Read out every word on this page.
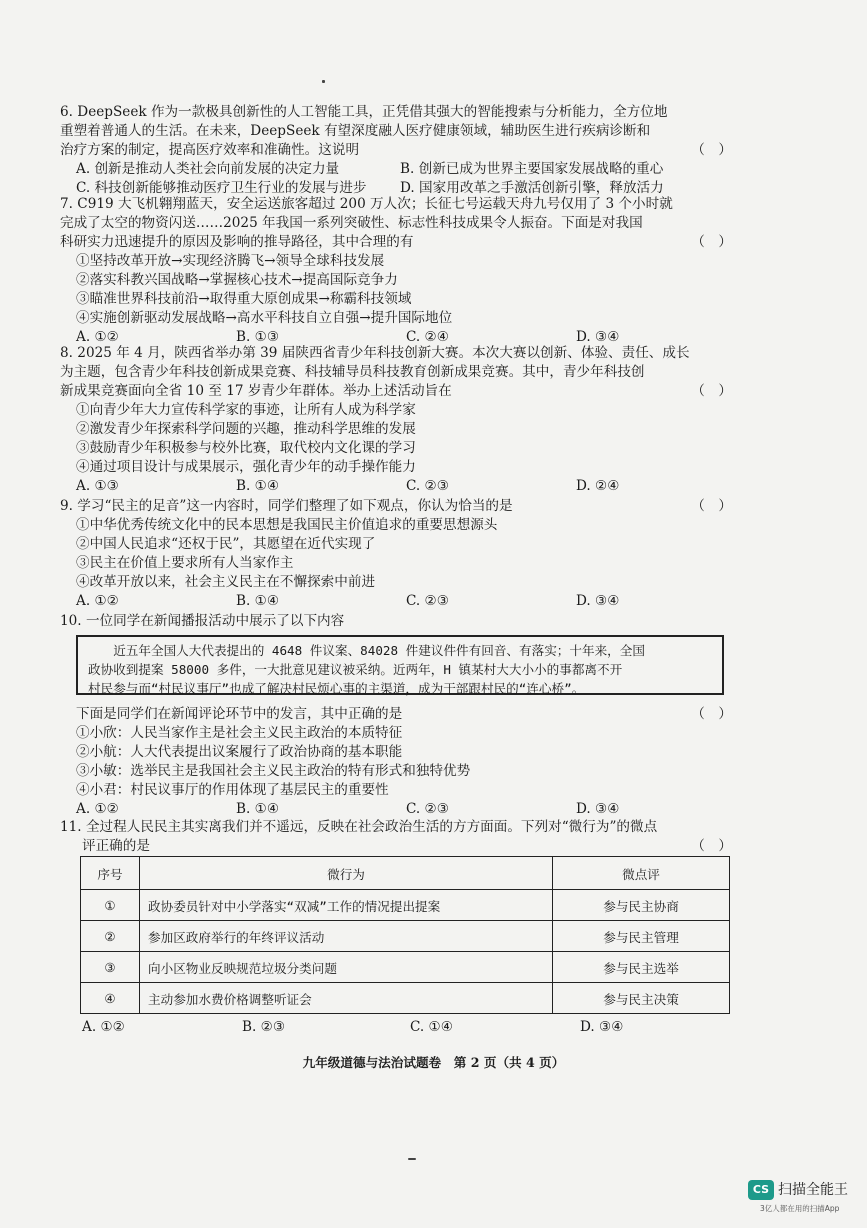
6. DeepSeek 作为一款极具创新性的人工智能工具，正凭借其强大的智能搜索与分析能力，全方位地
重塑着普通人的生活。在未来，DeepSeek 有望深度融人医疗健康领域，辅助医生进行疾病诊断和
治疗方案的制定，提高医疗效率和准确性。这说明	（　）
A. 创新是推动人类社会向前发展的决定力量	B. 创新已成为世界主要国家发展战略的重心
C. 科技创新能够推动医疗卫生行业的发展与进步 D. 国家用改革之手激活创新引擎，释放活力
7. C919 大飞机翱翔蓝天，安全运送旅客超过 200 万人次；长征七号运载天舟九号仅用了 3 个小时就
完成了太空的物资闪送……2025 年我国一系列突破性、标志性科技成果令人振奋。下面是对我国
科研实力迅速提升的原因及影响的推导路径，其中合理的有	（　）
①坚持改革开放→实现经济腾飞→领导全球科技发展
②落实科教兴国战略→掌握核心技术→提高国际竞争力
③瞄准世界科技前沿→取得重大原创成果→称霸科技领域
④实施创新驱动发展战略→高水平科技自立自强→提升国际地位
A. ①②	B. ①③	C. ②④	D. ③④
8. 2025 年 4 月，陕西省举办第 39 届陕西省青少年科技创新大赛。本次大赛以创新、体验、责任、成长
为主题，包含青少年科技创新成果竞赛、科技辅导员科技教育创新成果竞赛。其中，青少年科技创
新成果竞赛面向全省 10 至 17 岁青少年群体。举办上述活动旨在	（　）
①向青少年大力宣传科学家的事迹，让所有人成为科学家
②激发青少年探索科学问题的兴趣，推动科学思维的发展
③鼓励青少年积极参与校外比赛，取代校内文化课的学习
④通过项目设计与成果展示，强化青少年的动手操作能力
A. ①③	B. ①④	C. ②③	D. ②④
9. 学习“民主的足音”这一内容时，同学们整理了如下观点，你认为恰当的是	（　）
①中华优秀传统文化中的民本思想是我国民主价值追求的重要思想源头
②中国人民追求“还权于民”，其愿望在近代实现了
③民主在价值上要求所有人当家作主
④改革开放以来，社会主义民主在不懈探索中前进
A. ①②	B. ①④	C. ②③	D. ③④
10. 一位同学在新闻播报活动中展示了以下内容

　　近五年全国人大代表提出的 4648 件议案、84028 件建议件件有回音、有落实；十年来，全国

政协收到提案 58000 多件，一大批意见建议被采纳。近两年，H 镇某村大大小小的事都离不开

村民参与而“村民议事厅”也成了解决村民烦心事的主渠道，成为干部跟村民的“连心桥”。

下面是同学们在新闻评论环节中的发言，其中正确的是	（　）
①小欣：人民当家作主是社会主义民主政治的本质特征
②小航：人大代表提出议案履行了政治协商的基本职能
③小敏：选举民主是我国社会主义民主政治的特有形式和独特优势
④小君：村民议事厅的作用体现了基层民主的重要性
A. ①②	B. ①④	C. ②③	D. ③④
11. 全过程人民民主其实离我们并不遥远，反映在社会政治生活的方方面面。下列对“微行为”的微点
评正确的是	（　）
序号	微行为	微点评
①	政协委员针对中小学落实“双减”工作的情况提出提案	参与民主协商
②	参加区政府举行的年终评议活动	参与民主管理
③	向小区物业反映规范垃圾分类问题	参与民主选举
④	主动参加水费价格调整听证会	参与民主决策
A. ①②	B. ②③	C. ①④	D. ③④
九年级道德与法治试题卷　第 2 页（共 4 页）
CS 扫描全能王
3亿人都在用的扫描App
